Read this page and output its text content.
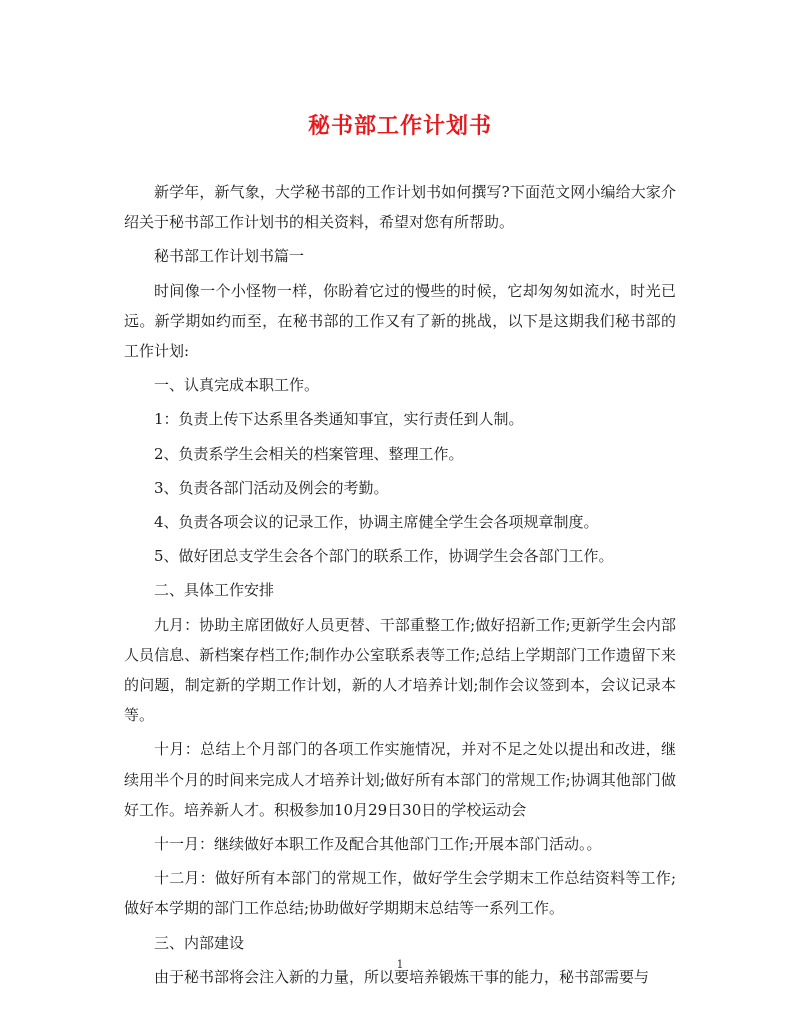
秘书部工作计划书

新学年，新气象，大学秘书部的工作计划书如何撰写?下面范文网小编给大家介绍关于秘书部工作计划书的相关资料，希望对您有所帮助。

秘书部工作计划书篇一

时间像一个小怪物一样，你盼着它过的慢些的时候，它却匆匆如流水，时光已远。新学期如约而至，在秘书部的工作又有了新的挑战，以下是这期我们秘书部的工作计划:

一、认真完成本职工作。

1：负责上传下达系里各类通知事宜，实行责任到人制。

2、负责系学生会相关的档案管理、整理工作。

3、负责各部门活动及例会的考勤。

4、负责各项会议的记录工作，协调主席健全学生会各项规章制度。

5、做好团总支学生会各个部门的联系工作，协调学生会各部门工作。

二、具体工作安排

九月：协助主席团做好人员更替、干部重整工作;做好招新工作;更新学生会内部人员信息、新档案存档工作;制作办公室联系表等工作;总结上学期部门工作遗留下来的问题，制定新的学期工作计划，新的人才培养计划;制作会议签到本，会议记录本等。

十月：总结上个月部门的各项工作实施情况，并对不足之处以提出和改进，继续用半个月的时间来完成人才培养计划;做好所有本部门的常规工作;协调其他部门做好工作。培养新人才。积极参加10月29日30日的学校运动会

十一月：继续做好本职工作及配合其他部门工作;开展本部门活动。。

十二月：做好所有本部门的常规工作，做好学生会学期末工作总结资料等工作;做好本学期的部门工作总结;协助做好学期期末总结等一系列工作。

三、内部建设

由于秘书部将会注入新的力量，所以要培养锻炼干事的能力，秘书部需要与

1
